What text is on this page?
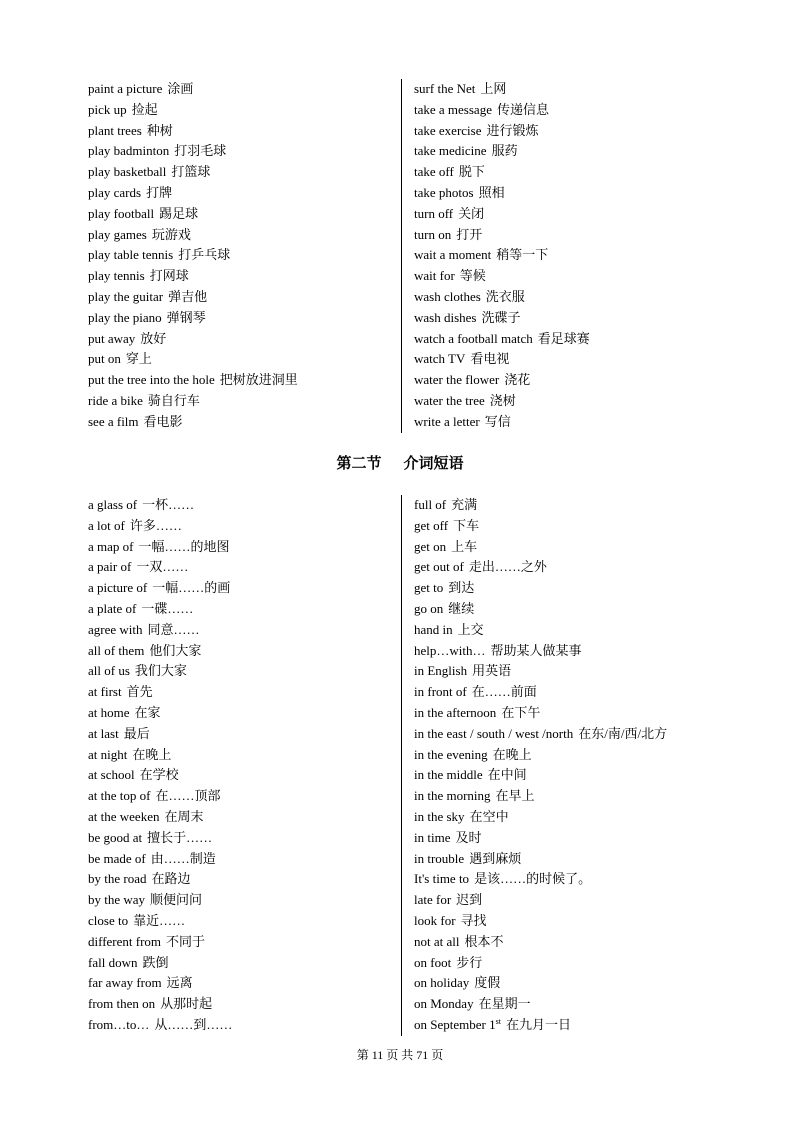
paint a picture 涂画
pick up 捡起
plant trees 种树
play badminton 打羽毛球
play basketball 打篮球
play cards 打牌
play football 踢足球
play games 玩游戏
play table tennis 打乒乓球
play tennis 打网球
play the guitar 弹吉他
play the piano 弹钢琴
put away 放好
put on 穿上
put the tree into the hole 把树放进洞里
ride a bike 骑自行车
see a film 看电影
surf the Net 上网
take a message 传递信息
take exercise 进行锻炼
take medicine 服药
take off 脱下
take photos 照相
turn off 关闭
turn on 打开
wait a moment 稍等一下
wait for 等候
wash clothes 洗衣服
wash dishes 洗碟子
watch a football match 看足球赛
watch TV 看电视
water the flower 浇花
water the tree 浇树
write a letter 写信
第二节 介词短语
a glass of 一杯……
a lot of 许多……
a map of 一幅……的地图
a pair of 一双……
a picture of 一幅……的画
a plate of 一碟……
agree with 同意……
all of them 他们大家
all of us 我们大家
at first 首先
at home 在家
at last 最后
at night 在晚上
at school 在学校
at the top of 在……顶部
at the weeken 在周末
be good at 擅长于……
be made of 由……制造
by the road 在路边
by the way 顺便问问
close to 靠近……
different from 不同于
fall down 跌倒
far away from 远离
from then on 从那时起
from…to… 从……到……
full of 充满
get off 下车
get on 上车
get out of 走出……之外
get to 到达
go on 继续
hand in 上交
help…with… 帮助某人做某事
in English 用英语
in front of 在……前面
in the afternoon 在下午
in the east / south / west /north 在东/南/西/北方
in the evening 在晚上
in the middle 在中间
in the morning 在早上
in the sky 在空中
in time 及时
in trouble 遇到麻烦
It's time to 是该……的时候了。
late for 迟到
look for 寻找
not at all 根本不
on foot 步行
on holiday 度假
on Monday 在星期一
on September 1st 在九月一日
第 11 页 共 71 页
